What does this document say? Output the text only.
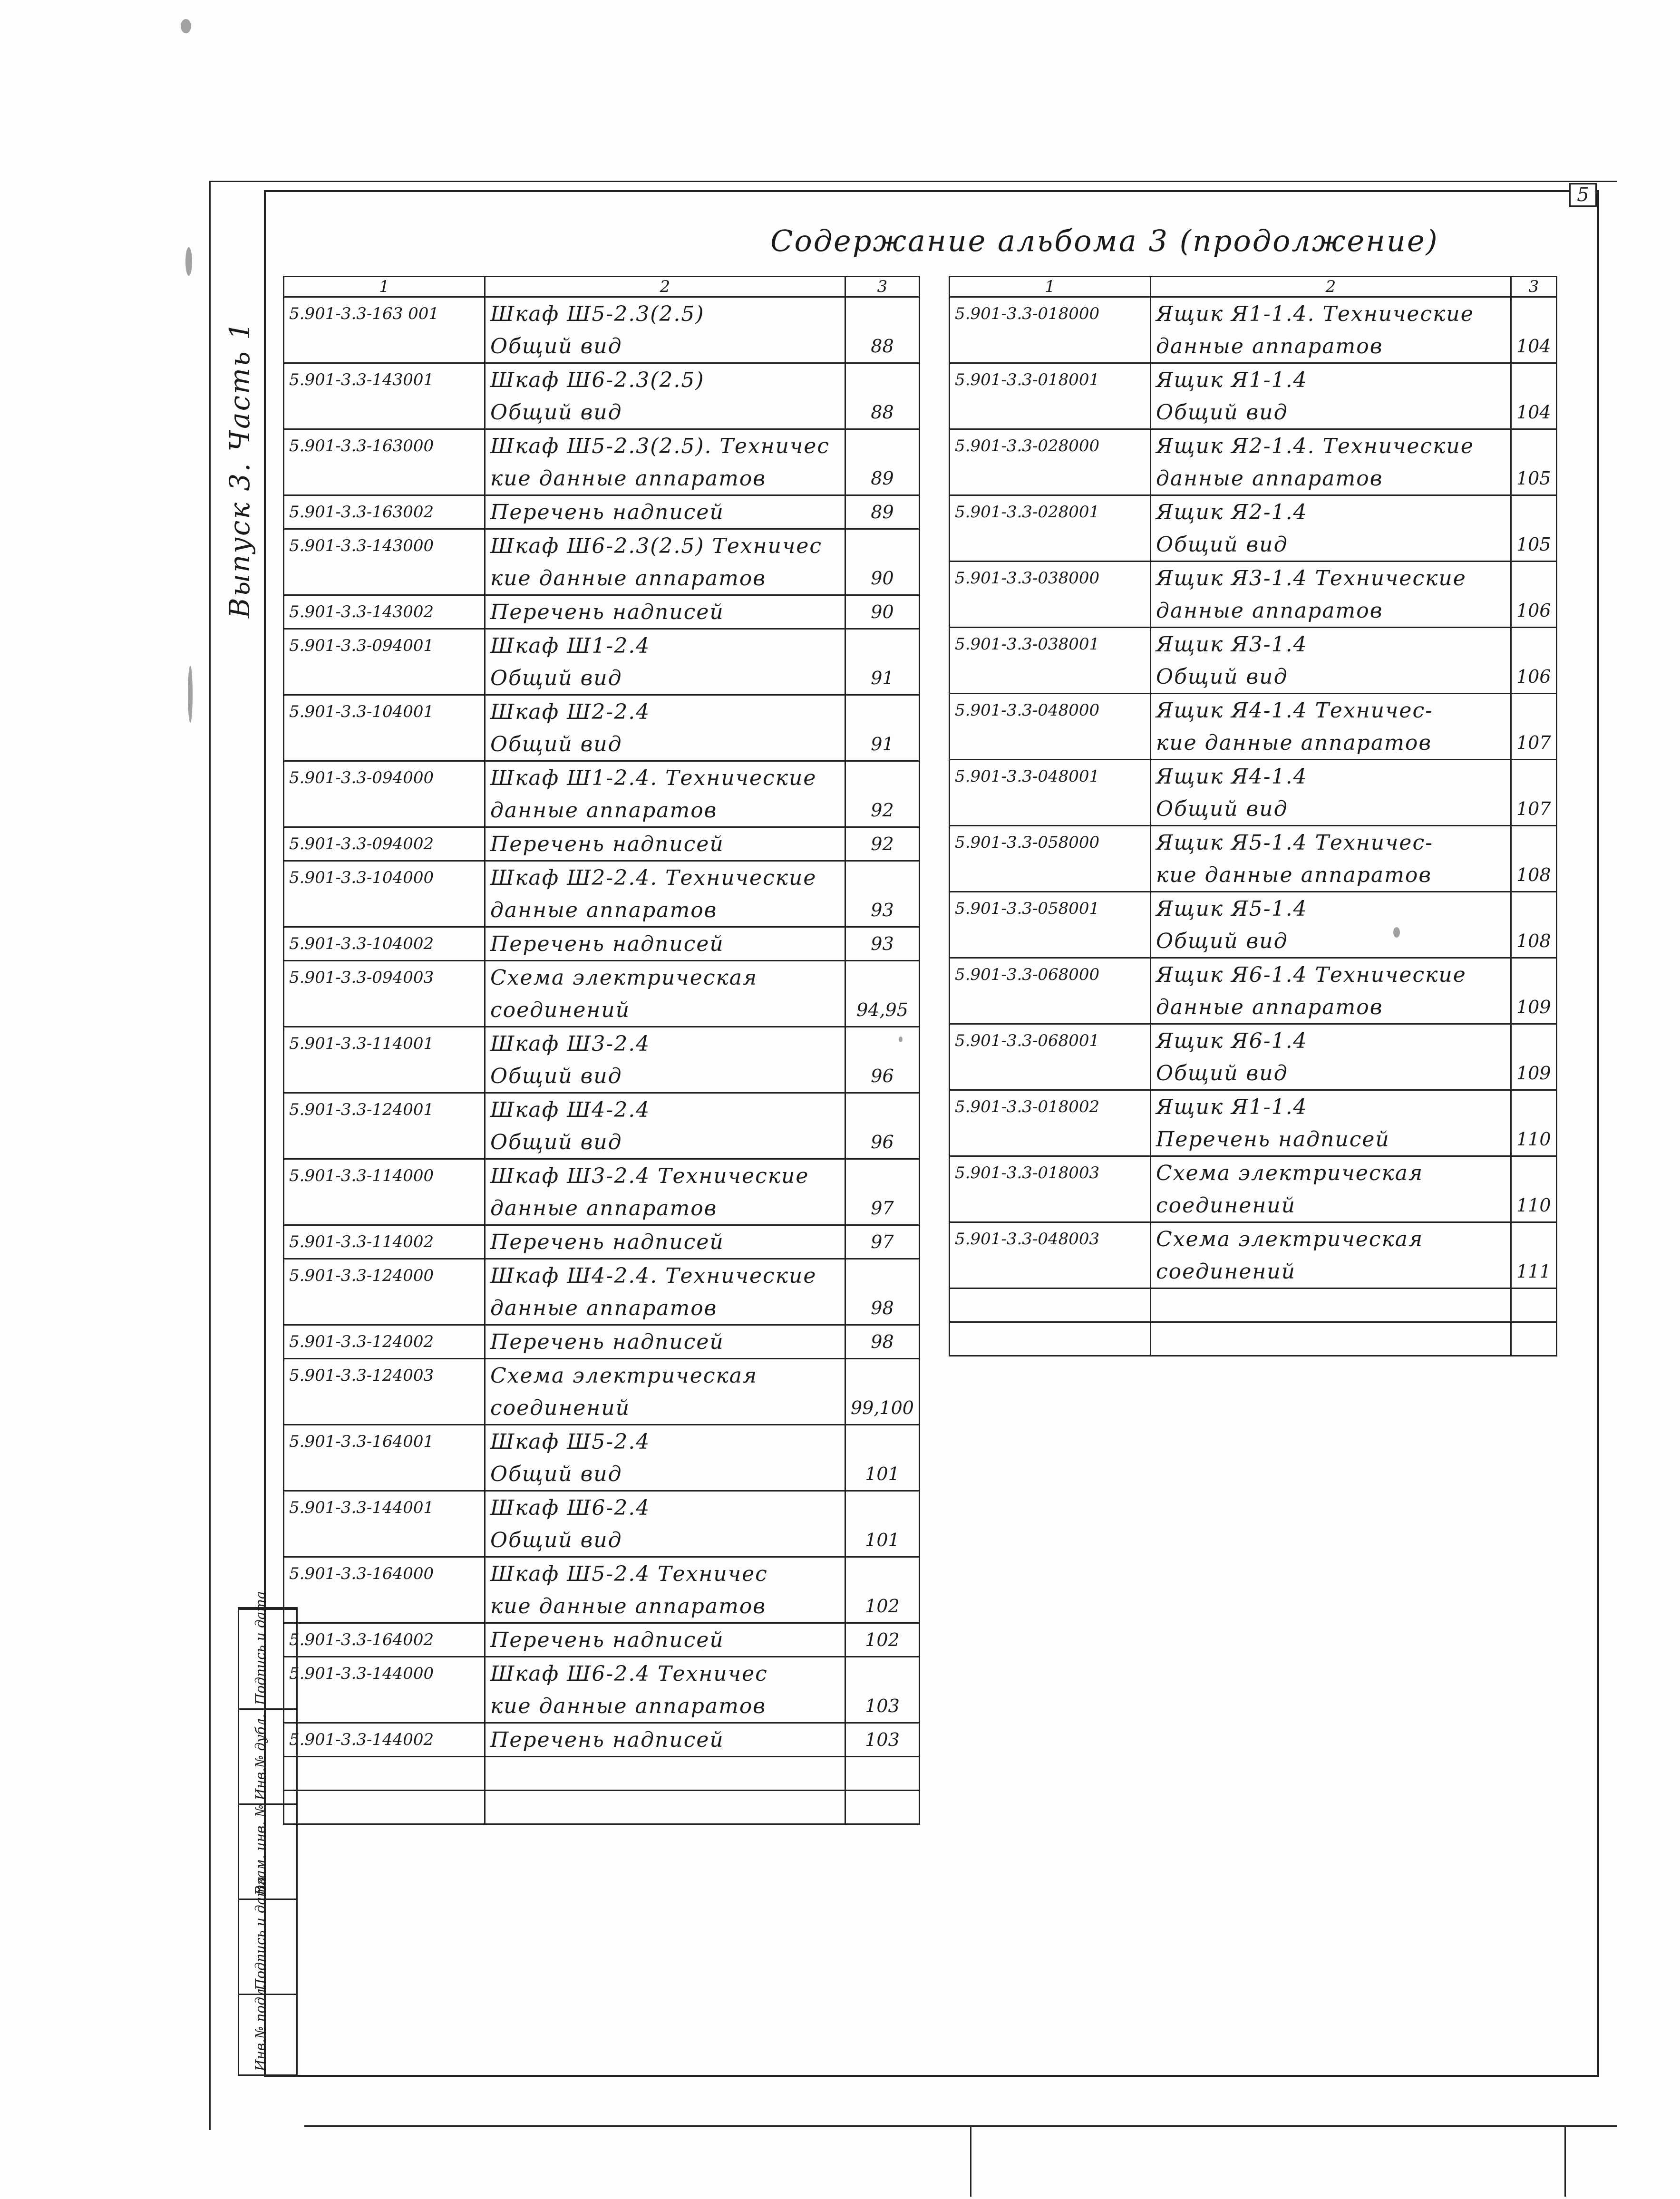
5
Содержание альбома 3 (продолжение)
Выпуск 3. Часть 1
1	2	3
5.901-3.3-163 001	Шкаф Ш5-2.3(2.5)	
	Общий вид	88
5.901-3.3-143001	Шкаф Ш6-2.3(2.5)	
	Общий вид	88
5.901-3.3-163000	Шкаф Ш5-2.3(2.5). Техничес	
	кие данные аппаратов	89
5.901-3.3-163002	Перечень надписей	89
5.901-3.3-143000	Шкаф Ш6-2.3(2.5) Техничес	
	кие данные аппаратов	90
5.901-3.3-143002	Перечень надписей	90
5.901-3.3-094001	Шкаф Ш1-2.4	
	Общий вид	91
5.901-3.3-104001	Шкаф Ш2-2.4	
	Общий вид	91
5.901-3.3-094000	Шкаф Ш1-2.4. Технические	
	данные аппаратов	92
5.901-3.3-094002	Перечень надписей	92
5.901-3.3-104000	Шкаф Ш2-2.4. Технические	
	данные аппаратов	93
5.901-3.3-104002	Перечень надписей	93
5.901-3.3-094003	Схема электрическая	
	соединений	94,95
5.901-3.3-114001	Шкаф Ш3-2.4	
	Общий вид	96
5.901-3.3-124001	Шкаф Ш4-2.4	
	Общий вид	96
5.901-3.3-114000	Шкаф Ш3-2.4 Технические	
	данные аппаратов	97
5.901-3.3-114002	Перечень надписей	97
5.901-3.3-124000	Шкаф Ш4-2.4. Технические	
	данные аппаратов	98
5.901-3.3-124002	Перечень надписей	98
5.901-3.3-124003	Схема электрическая	
	соединений	99,100
5.901-3.3-164001	Шкаф Ш5-2.4	
	Общий вид	101
5.901-3.3-144001	Шкаф Ш6-2.4	
	Общий вид	101
5.901-3.3-164000	Шкаф Ш5-2.4 Техничес	
	кие данные аппаратов	102
5.901-3.3-164002	Перечень надписей	102
5.901-3.3-144000	Шкаф Ш6-2.4 Техничес	
	кие данные аппаратов	103
5.901-3.3-144002	Перечень надписей	103

1	2	3
5.901-3.3-018000	Ящик Я1-1.4. Технические	
	данные аппаратов	104
5.901-3.3-018001	Ящик Я1-1.4	
	Общий вид	104
5.901-3.3-028000	Ящик Я2-1.4. Технические	
	данные аппаратов	105
5.901-3.3-028001	Ящик Я2-1.4	
	Общий вид	105
5.901-3.3-038000	Ящик Я3-1.4 Технические	
	данные аппаратов	106
5.901-3.3-038001	Ящик Я3-1.4	
	Общий вид	106
5.901-3.3-048000	Ящик Я4-1.4 Техничес-	
	кие данные аппаратов	107
5.901-3.3-048001	Ящик Я4-1.4	
	Общий вид	107
5.901-3.3-058000	Ящик Я5-1.4 Техничес-	
	кие данные аппаратов	108
5.901-3.3-058001	Ящик Я5-1.4	
	Общий вид	108
5.901-3.3-068000	Ящик Я6-1.4 Технические	
	данные аппаратов	109
5.901-3.3-068001	Ящик Я6-1.4	
	Общий вид	109
5.901-3.3-018002	Ящик Я1-1.4	
	Перечень надписей	110
5.901-3.3-018003	Схема электрическая	
	соединений	110
5.901-3.3-048003	Схема электрическая	
	соединений	111

Подпись и дата
Инв.№ дубл.
Взам. инв. №
Подпись и дата
Инв.№ подл.
